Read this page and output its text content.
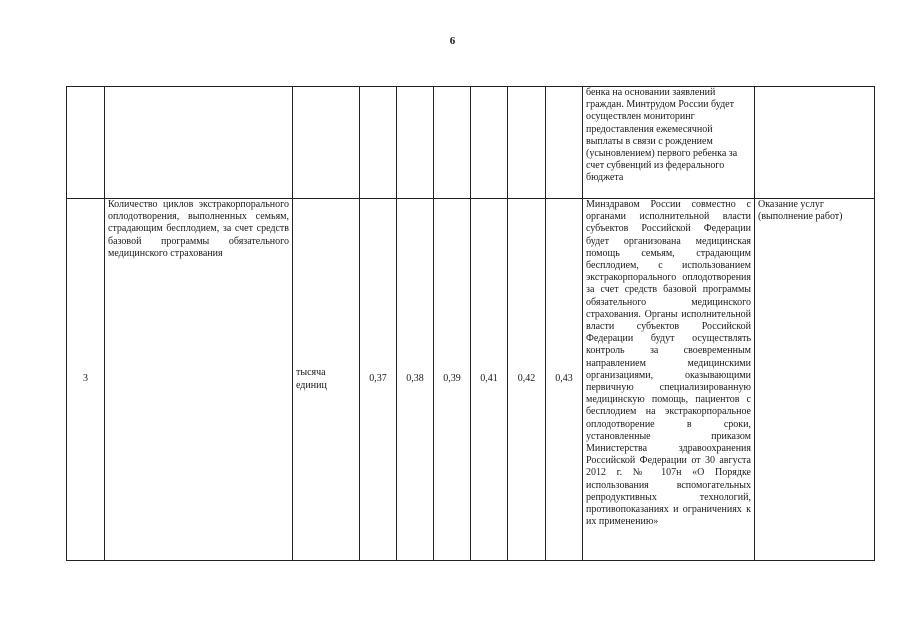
6
									бенка на основании заявлений граждан. Минтрудом России будет осуществлен мониторинг предоставления ежемесячной выплаты в связи с рождением (усыновлением) первого ребенка за счет субвенций из федерального бюджета	
3	Количество циклов экстракорпорального оплодотворения, выполненных семьям, страдающим бесплодием, за счет средств базовой программы обязательного медицинского страхования	тысяча единиц	0,37	0,38	0,39	0,41	0,42	0,43	Минздравом России совместно с органами исполнительной власти субъектов Российской Федерации будет организована медицинская помощь семьям, страдающим бесплодием, с использованием экстракорпорального оплодотворения за счет средств базовой программы обязательного медицинского страхования. Органы исполнительной власти субъектов Российской Федерации будут осуществлять контроль за своевременным направлением медицинскими организациями, оказывающими первичную специализированную медицинскую помощь, пациентов с бесплодием на экстракорпоральное оплодотворение в сроки, установленные приказом Министерства здравоохранения Российской Федерации от 30 августа 2012 г. № 107н «О Порядке использования вспомогательных репродуктивных технологий, противопоказаниях и ограничениях к их применению»	Оказание услуг (выполнение работ)
